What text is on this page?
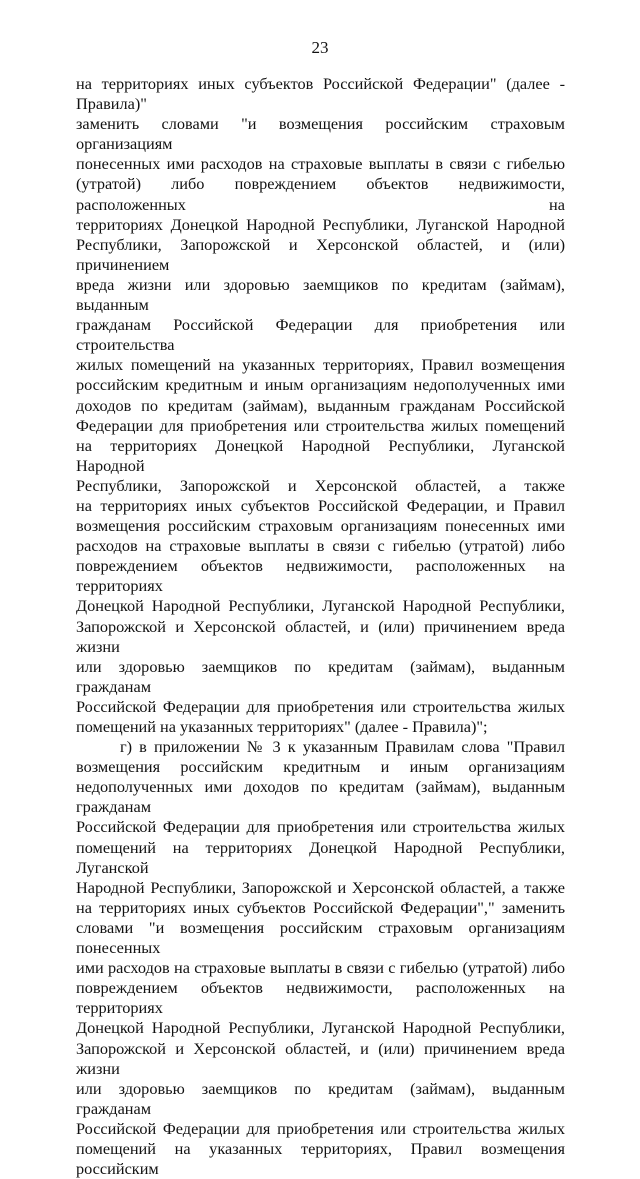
23
на территориях иных субъектов Российской Федерации" (далее - Правила)"
заменить словами "и возмещения российским страховым организациям
понесенных ими расходов на страховые выплаты в связи с гибелью
(утратой) либо повреждением объектов недвижимости, расположенных на
территориях Донецкой Народной Республики, Луганской Народной
Республики, Запорожской и Херсонской областей, и (или) причинением
вреда жизни или здоровью заемщиков по кредитам (займам), выданным
гражданам Российской Федерации для приобретения или строительства
жилых помещений на указанных территориях, Правил возмещения
российским кредитным и иным организациям недополученных ими
доходов по кредитам (займам), выданным гражданам Российской
Федерации для приобретения или строительства жилых помещений
на территориях Донецкой Народной Республики, Луганской Народной
Республики, Запорожской и Херсонской областей, а также
на территориях иных субъектов Российской Федерации, и Правил
возмещения российским страховым организациям понесенных ими
расходов на страховые выплаты в связи с гибелью (утратой) либо
повреждением объектов недвижимости, расположенных на территориях
Донецкой Народной Республики, Луганской Народной Республики,
Запорожской и Херсонской областей, и (или) причинением вреда жизни
или здоровью заемщиков по кредитам (займам), выданным гражданам
Российской Федерации для приобретения или строительства жилых
помещений на указанных территориях" (далее - Правила)";
г) в приложении № 3 к указанным Правилам слова "Правил
возмещения российским кредитным и иным организациям
недополученных ими доходов по кредитам (займам), выданным гражданам
Российской Федерации для приобретения или строительства жилых
помещений на территориях Донецкой Народной Республики, Луганской
Народной Республики, Запорожской и Херсонской областей, а также
на территориях иных субъектов Российской Федерации"," заменить
словами "и возмещения российским страховым организациям понесенных
ими расходов на страховые выплаты в связи с гибелью (утратой) либо
повреждением объектов недвижимости, расположенных на территориях
Донецкой Народной Республики, Луганской Народной Республики,
Запорожской и Херсонской областей, и (или) причинением вреда жизни
или здоровью заемщиков по кредитам (займам), выданным гражданам
Российской Федерации для приобретения или строительства жилых
помещений на указанных территориях, Правил возмещения российским
